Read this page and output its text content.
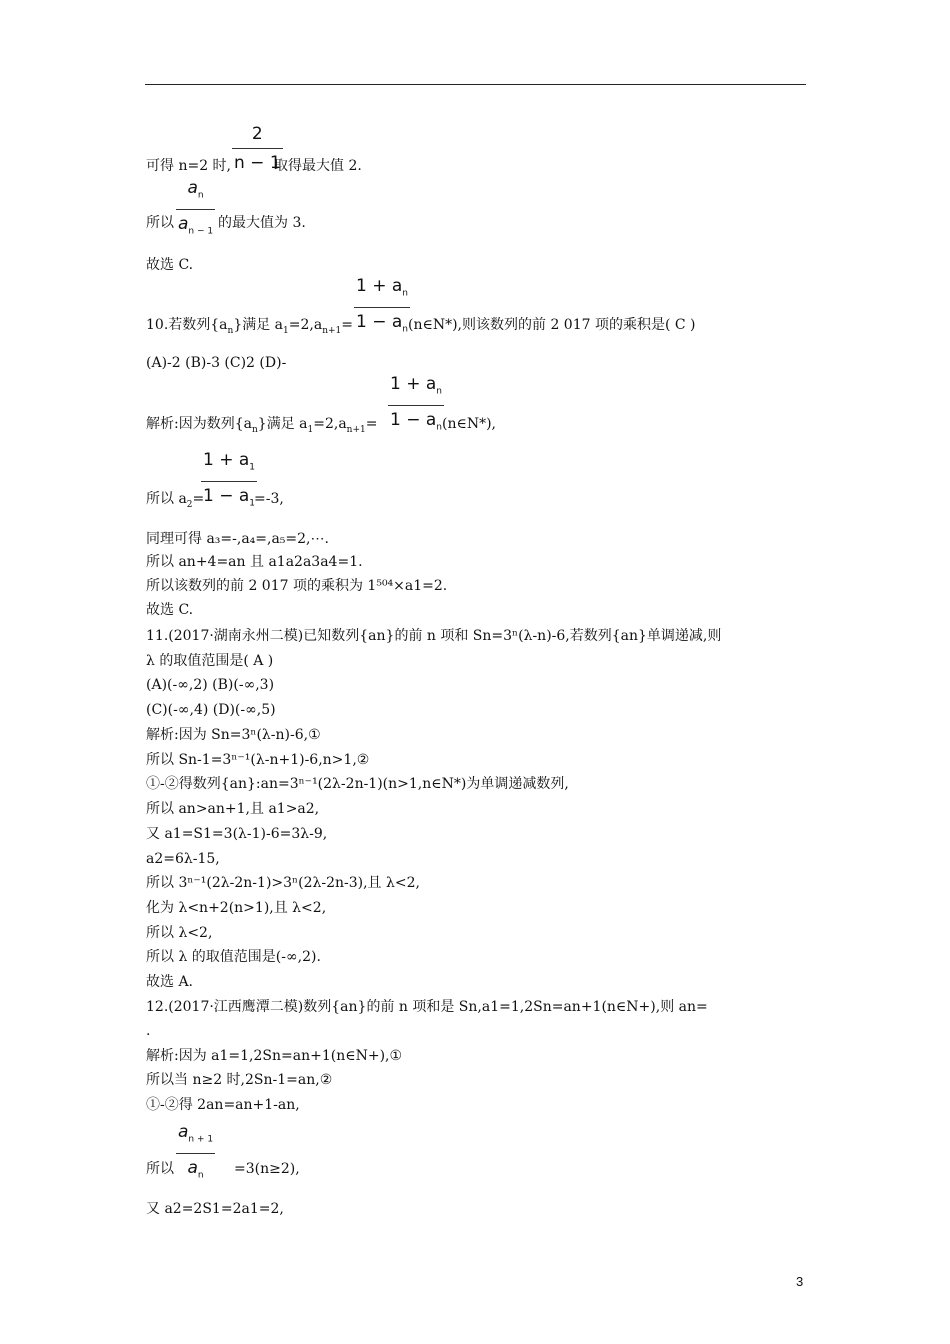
可得 n=2 时,
2
n − 1
取得最大值 2.
所以
$a_n$
$a_{n - 1}$
的最大值为 3.
故选 C.
10.若数列$\{a_n\}$满足 $a_1=2,a_{n+1}=$
$1 + a_n$
$1 - a_n$ (n∈N*),则该数列的前 2 017 项的乘积是( C )
(A)-2 (B)-3 (C)2 (D)-
解析:因为数列$\{a_n\}$满足 $a_1=2,a_{n+1}=$
$1 + a_n$
$1 - a_n$ (n∈N*),
所以 $a_2=$
$1 + a_1$
$1 - a_1$
=-3,
同理可得 a₃=-,a₄=,a₅=2,⋯.
所以 an+4=an 且 a1a2a3a4=1.
所以该数列的前 2 017 项的乘积为 1⁵⁰⁴×a1=2.
故选 C.
11.(2017·湖南永州二模)已知数列{an}的前 n 项和 Sn=3ⁿ(λ-n)-6,若数列{an}单调递减,则
λ 的取值范围是( A )
(A)(-∞,2) (B)(-∞,3)
(C)(-∞,4) (D)(-∞,5)
解析:因为 Sn=3ⁿ(λ-n)-6,①
所以 Sn-1=3ⁿ⁻¹(λ-n+1)-6,n>1,②
①-②得数列{an}:an=3ⁿ⁻¹(2λ-2n-1)(n>1,n∈N*)为单调递减数列,
所以 an>an+1,且 a1>a2,
又 a1=S1=3(λ-1)-6=3λ-9,
a2=6λ-15,
所以 3ⁿ⁻¹(2λ-2n-1)>3ⁿ(2λ-2n-3),且 λ<2,
化为 λ<n+2(n>1),且 λ<2,
所以 λ<2,
所以 λ 的取值范围是(-∞,2).
故选 A.
12.(2017·江西鹰潭二模)数列{an}的前 n 项和是 Sn,a1=1,2Sn=an+1(n∈N+),则 an=
.
解析:因为 a1=1,2Sn=an+1(n∈N+),①
所以当 n≥2 时,2Sn-1=an,②
①-②得 2an=an+1-an,
所以
$a_{n + 1}$
$a_n$	=3(n≥2),
又 a2=2S1=2a1=2,
3
